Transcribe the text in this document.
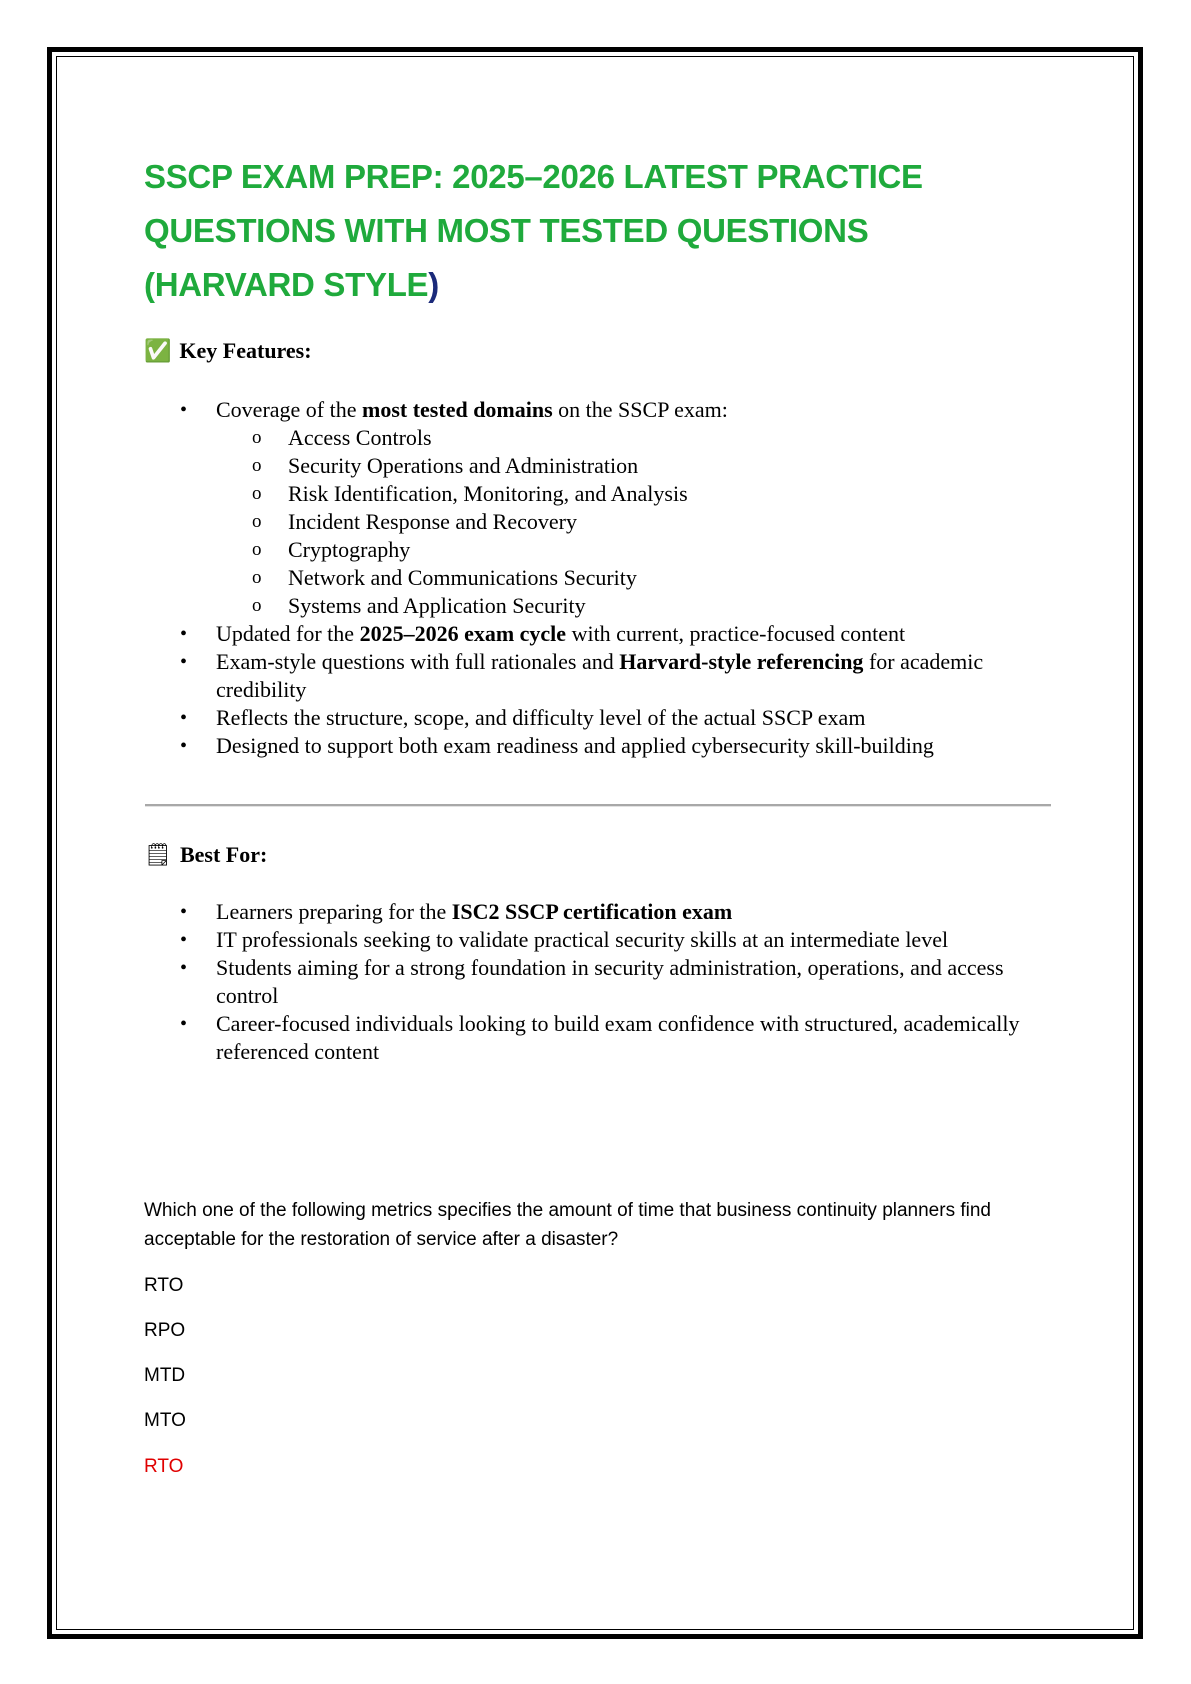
SSCP EXAM PREP: 2025–2026 LATEST PRACTICE QUESTIONS WITH MOST TESTED QUESTIONS (HARVARD STYLE)
✅ Key Features:
• Coverage of the most tested domains on the SSCP exam:
o Access Controls
o Security Operations and Administration
o Risk Identification, Monitoring, and Analysis
o Incident Response and Recovery
o Cryptography
o Network and Communications Security
o Systems and Application Security
• Updated for the 2025–2026 exam cycle with current, practice-focused content
• Exam-style questions with full rationales and Harvard-style referencing for academic credibility
• Reflects the structure, scope, and difficulty level of the actual SSCP exam
• Designed to support both exam readiness and applied cybersecurity skill-building
🗒 Best For:
• Learners preparing for the ISC2 SSCP certification exam
• IT professionals seeking to validate practical security skills at an intermediate level
• Students aiming for a strong foundation in security administration, operations, and access control
• Career-focused individuals looking to build exam confidence with structured, academically referenced content

Which one of the following metrics specifies the amount of time that business continuity planners find acceptable for the restoration of service after a disaster?

RTO

RPO

MTD

MTO

RTO
